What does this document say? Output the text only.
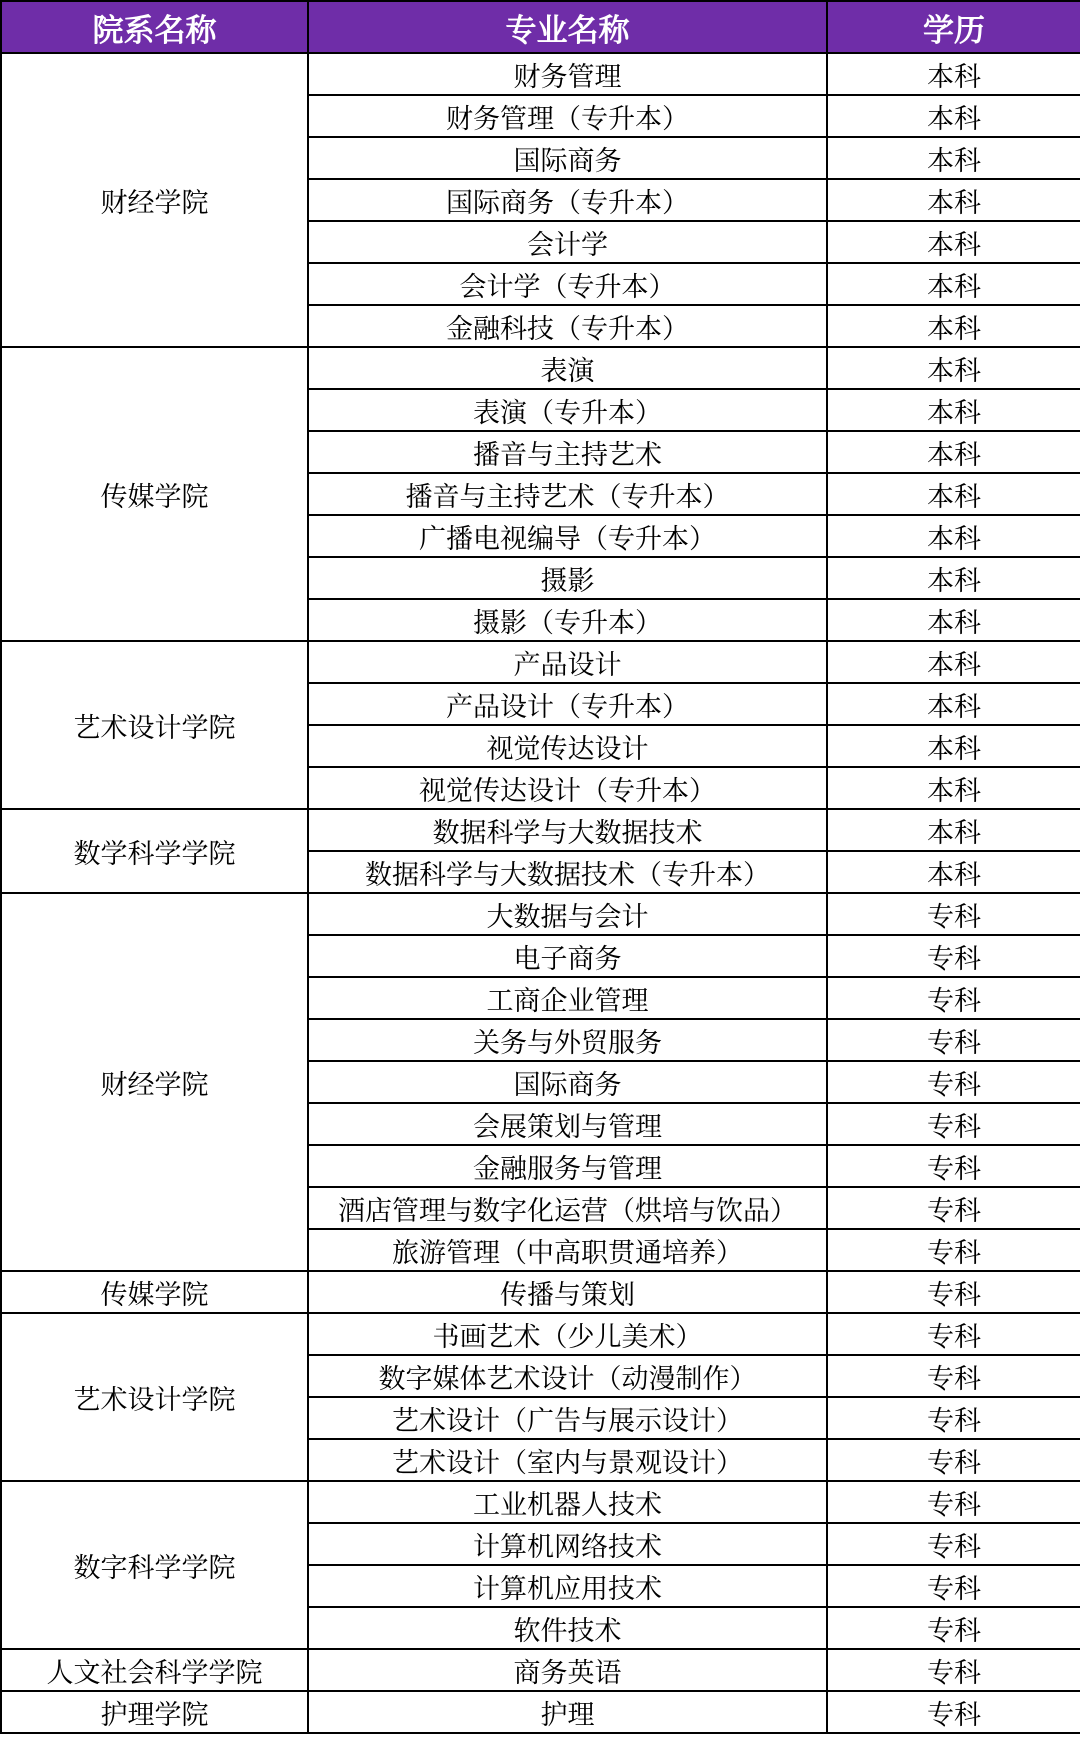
院系名称	专业名称	学历
财经学院	财务管理	本科
	财务管理（专升本）	本科
	国际商务	本科
	国际商务（专升本）	本科
	会计学	本科
	会计学（专升本）	本科
	金融科技（专升本）	本科
传媒学院	表演	本科
	表演（专升本）	本科
	播音与主持艺术	本科
	播音与主持艺术（专升本）	本科
	广播电视编导（专升本）	本科
	摄影	本科
	摄影（专升本）	本科
艺术设计学院	产品设计	本科
	产品设计（专升本）	本科
	视觉传达设计	本科
	视觉传达设计（专升本）	本科
数学科学学院	数据科学与大数据技术	本科
	数据科学与大数据技术（专升本）	本科
财经学院	大数据与会计	专科
	电子商务	专科
	工商企业管理	专科
	关务与外贸服务	专科
	国际商务	专科
	会展策划与管理	专科
	金融服务与管理	专科
	酒店管理与数字化运营（烘培与饮品）	专科
	旅游管理（中高职贯通培养）	专科
传媒学院	传播与策划	专科
艺术设计学院	书画艺术（少儿美术）	专科
	数字媒体艺术设计（动漫制作）	专科
	艺术设计（广告与展示设计）	专科
	艺术设计（室内与景观设计）	专科
数字科学学院	工业机器人技术	专科
	计算机网络技术	专科
	计算机应用技术	专科
	软件技术	专科
人文社会科学学院	商务英语	专科
护理学院	护理	专科
